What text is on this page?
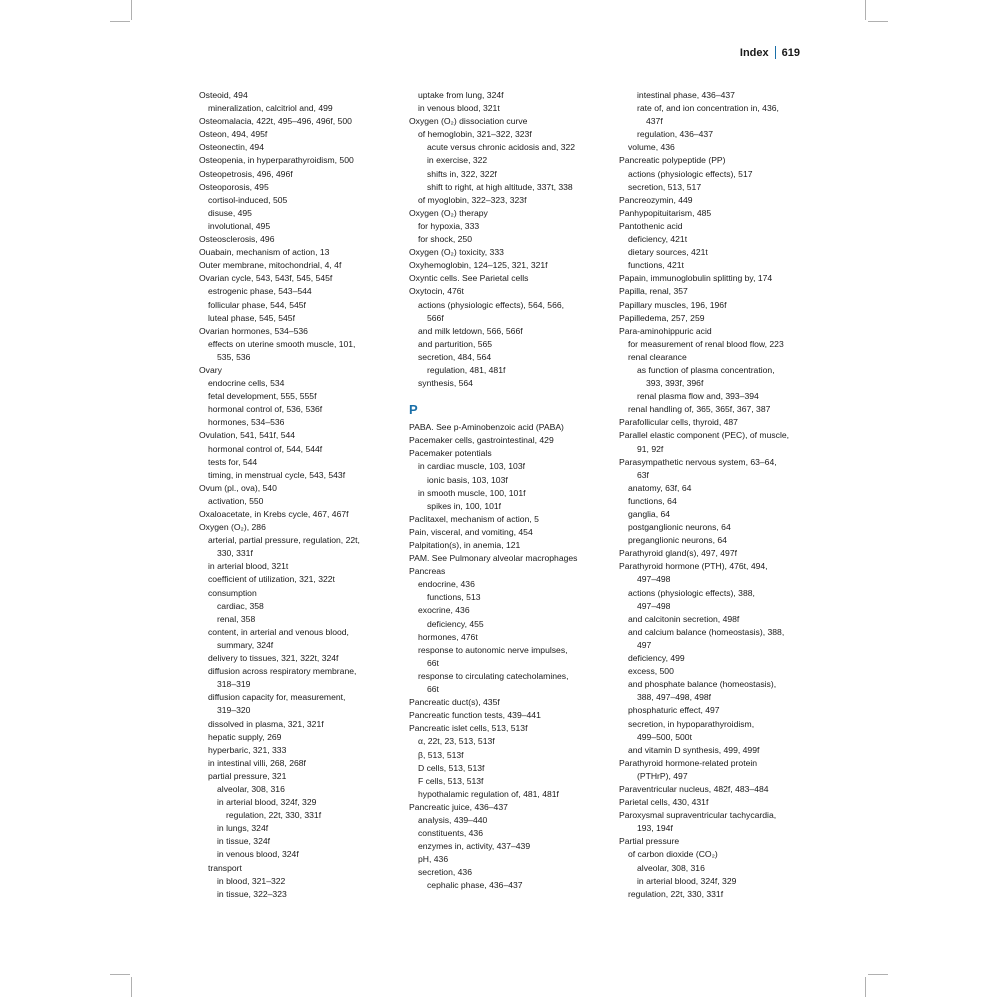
Index 619
Osteoid, 494
mineralization, calcitriol and, 499
Osteomalacia, 422t, 495–496, 496f, 500
Osteon, 494, 495f
Osteonectin, 494
Osteopenia, in hyperparathyroidism, 500
Osteopetrosis, 496, 496f
Osteoporosis, 495
cortisol-induced, 505
disuse, 495
involutional, 495
Osteosclerosis, 496
Ouabain, mechanism of action, 13
Outer membrane, mitochondrial, 4, 4f
Ovarian cycle, 543, 543f, 545, 545f
estrogenic phase, 543–544
follicular phase, 544, 545f
luteal phase, 545, 545f
Ovarian hormones, 534–536
effects on uterine smooth muscle, 101,
535, 536
Ovary
endocrine cells, 534
fetal development, 555, 555f
hormonal control of, 536, 536f
hormones, 534–536
Ovulation, 541, 541f, 544
hormonal control of, 544, 544f
tests for, 544
timing, in menstrual cycle, 543, 543f
Ovum (pl., ova), 540
activation, 550
Oxaloacetate, in Krebs cycle, 467, 467f
Oxygen (O₂), 286
arterial, partial pressure, regulation, 22t,
330, 331f
in arterial blood, 321t
coefficient of utilization, 321, 322t
consumption
cardiac, 358
renal, 358
content, in arterial and venous blood,
summary, 324f
delivery to tissues, 321, 322t, 324f
diffusion across respiratory membrane,
318–319
diffusion capacity for, measurement,
319–320
dissolved in plasma, 321, 321f
hepatic supply, 269
hyperbaric, 321, 333
in intestinal villi, 268, 268f
partial pressure, 321
alveolar, 308, 316
in arterial blood, 324f, 329
regulation, 22t, 330, 331f
in lungs, 324f
in tissue, 324f
in venous blood, 324f
transport
in blood, 321–322
in tissue, 322–323
uptake from lung, 324f
in venous blood, 321t
Oxygen (O₂) dissociation curve
of hemoglobin, 321–322, 323f
acute versus chronic acidosis and, 322
in exercise, 322
shifts in, 322, 322f
shift to right, at high altitude, 337t, 338
of myoglobin, 322–323, 323f
Oxygen (O₂) therapy
for hypoxia, 333
for shock, 250
Oxygen (O₂) toxicity, 333
Oxyhemoglobin, 124–125, 321, 321f
Oxyntic cells. See Parietal cells
Oxytocin, 476t
actions (physiologic effects), 564, 566,
566f
and milk letdown, 566, 566f
and parturition, 565
secretion, 484, 564
regulation, 481, 481f
synthesis, 564
P
PABA. See p-Aminobenzoic acid (PABA)
Pacemaker cells, gastrointestinal, 429
Pacemaker potentials
in cardiac muscle, 103, 103f
ionic basis, 103, 103f
in smooth muscle, 100, 101f
spikes in, 100, 101f
Paclitaxel, mechanism of action, 5
Pain, visceral, and vomiting, 454
Palpitation(s), in anemia, 121
PAM. See Pulmonary alveolar macrophages
Pancreas
endocrine, 436
functions, 513
exocrine, 436
deficiency, 455
hormones, 476t
response to autonomic nerve impulses,
66t
response to circulating catecholamines,
66t
Pancreatic duct(s), 435f
Pancreatic function tests, 439–441
Pancreatic islet cells, 513, 513f
α, 22t, 23, 513, 513f
β, 513, 513f
D cells, 513, 513f
F cells, 513, 513f
hypothalamic regulation of, 481, 481f
Pancreatic juice, 436–437
analysis, 439–440
constituents, 436
enzymes in, activity, 437–439
pH, 436
secretion, 436
cephalic phase, 436–437
intestinal phase, 436–437
rate of, and ion concentration in, 436,
437f
regulation, 436–437
volume, 436
Pancreatic polypeptide (PP)
actions (physiologic effects), 517
secretion, 513, 517
Pancreozymin, 449
Panhypopituitarism, 485
Pantothenic acid
deficiency, 421t
dietary sources, 421t
functions, 421t
Papain, immunoglobulin splitting by, 174
Papilla, renal, 357
Papillary muscles, 196, 196f
Papilledema, 257, 259
Para-aminohippuric acid
for measurement of renal blood flow, 223
renal clearance
as function of plasma concentration,
393, 393f, 396f
renal plasma flow and, 393–394
renal handling of, 365, 365f, 367, 387
Parafollicular cells, thyroid, 487
Parallel elastic component (PEC), of muscle,
91, 92f
Parasympathetic nervous system, 63–64,
63f
anatomy, 63f, 64
functions, 64
ganglia, 64
postganglionic neurons, 64
preganglionic neurons, 64
Parathyroid gland(s), 497, 497f
Parathyroid hormone (PTH), 476t, 494,
497–498
actions (physiologic effects), 388,
497–498
and calcitonin secretion, 498f
and calcium balance (homeostasis), 388,
497
deficiency, 499
excess, 500
and phosphate balance (homeostasis),
388, 497–498, 498f
phosphaturic effect, 497
secretion, in hypoparathyroidism,
499–500, 500t
and vitamin D synthesis, 499, 499f
Parathyroid hormone-related protein
(PTHrP), 497
Paraventricular nucleus, 482f, 483–484
Parietal cells, 430, 431f
Paroxysmal supraventricular tachycardia,
193, 194f
Partial pressure
of carbon dioxide (CO₂)
alveolar, 308, 316
in arterial blood, 324f, 329
regulation, 22t, 330, 331f
